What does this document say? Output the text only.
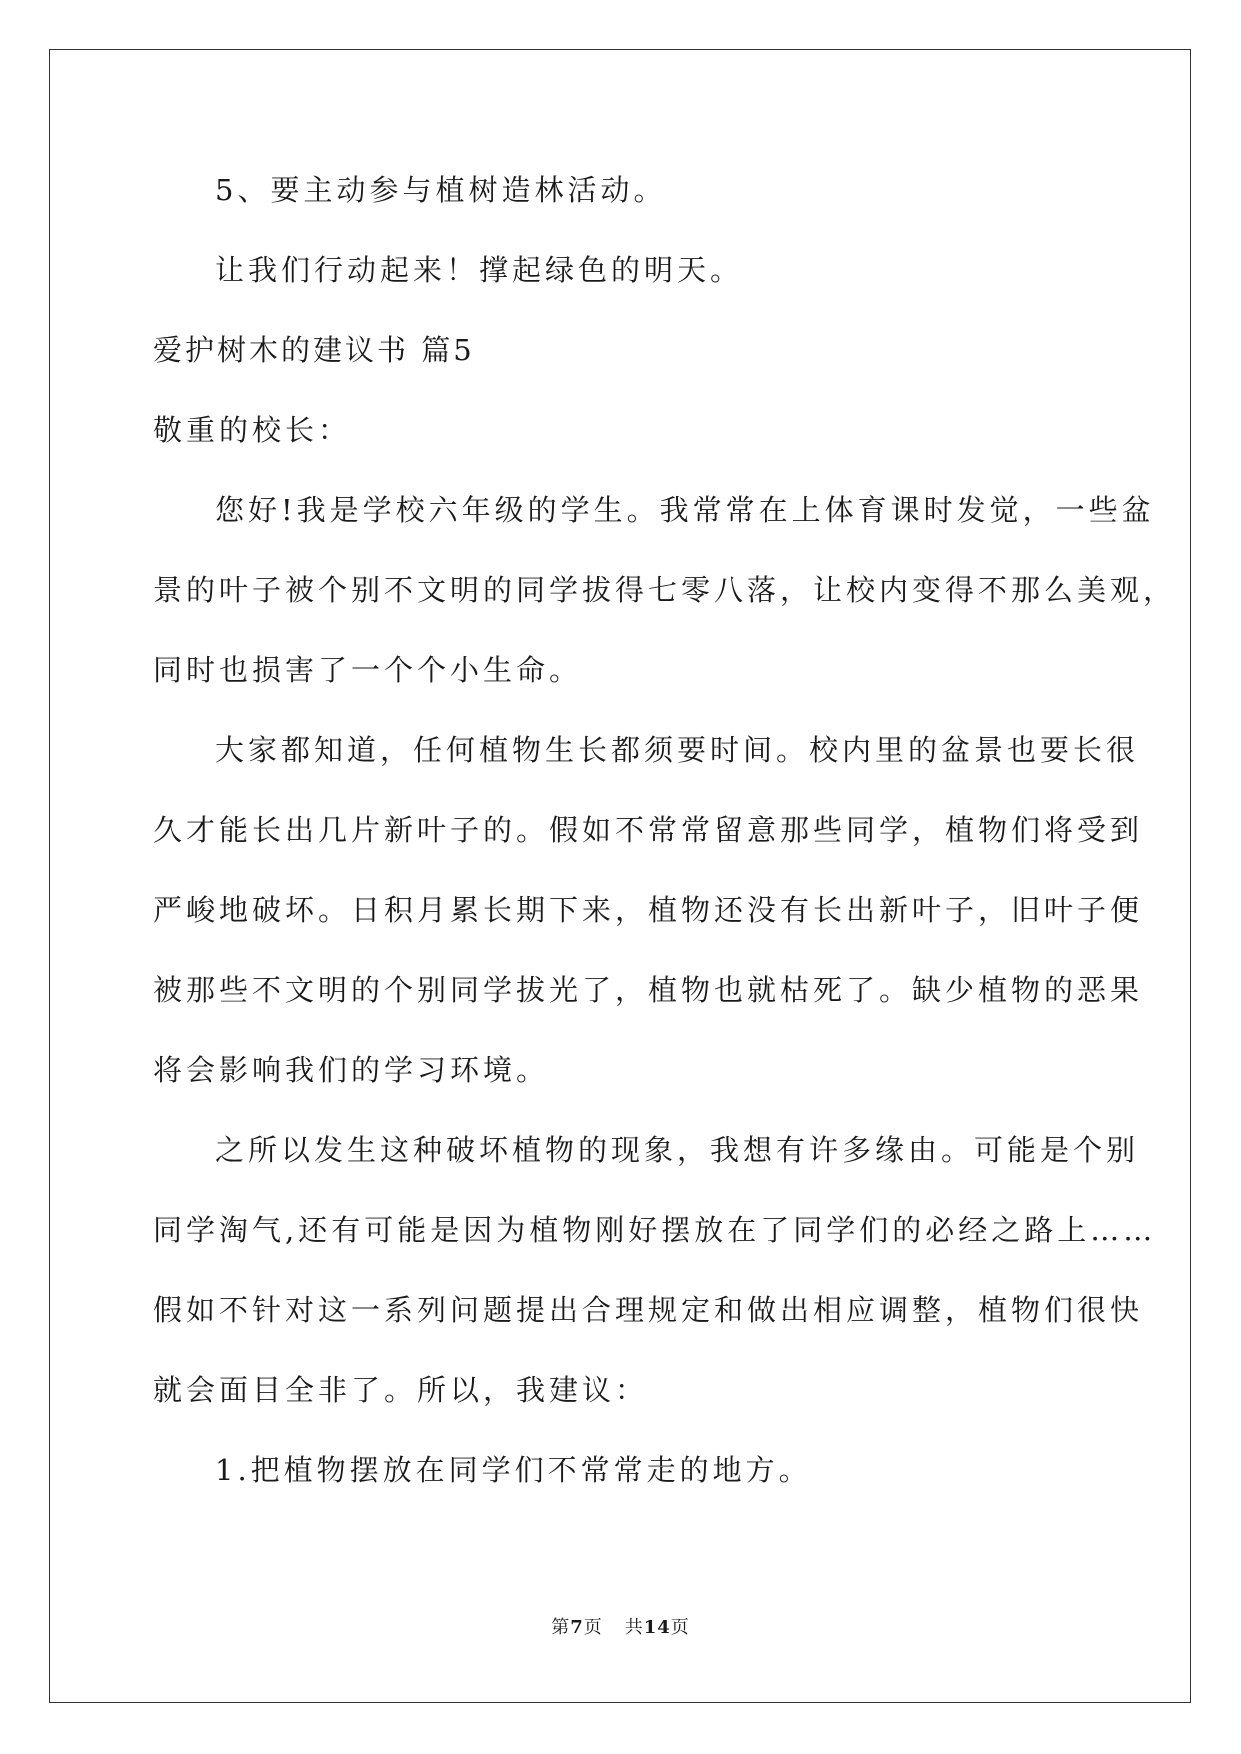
5、要主动参与植树造林活动。
让我们行动起来！撑起绿色的明天。
爱护树木的建议书 篇5
敬重的校长：
您好!我是学校六年级的学生。我常常在上体育课时发觉，一些盆
景的叶子被个别不文明的同学拔得七零八落，让校内变得不那么美观，
同时也损害了一个个小生命。
大家都知道，任何植物生长都须要时间。校内里的盆景也要长很
久才能长出几片新叶子的。假如不常常留意那些同学，植物们将受到
严峻地破坏。日积月累长期下来，植物还没有长出新叶子，旧叶子便
被那些不文明的个别同学拔光了，植物也就枯死了。缺少植物的恶果
将会影响我们的学习环境。
之所以发生这种破坏植物的现象，我想有许多缘由。可能是个别
同学淘气,还有可能是因为植物刚好摆放在了同学们的必经之路上……
假如不针对这一系列问题提出合理规定和做出相应调整，植物们很快
就会面目全非了。所以，我建议：
1.把植物摆放在同学们不常常走的地方。
第7页 共14页
